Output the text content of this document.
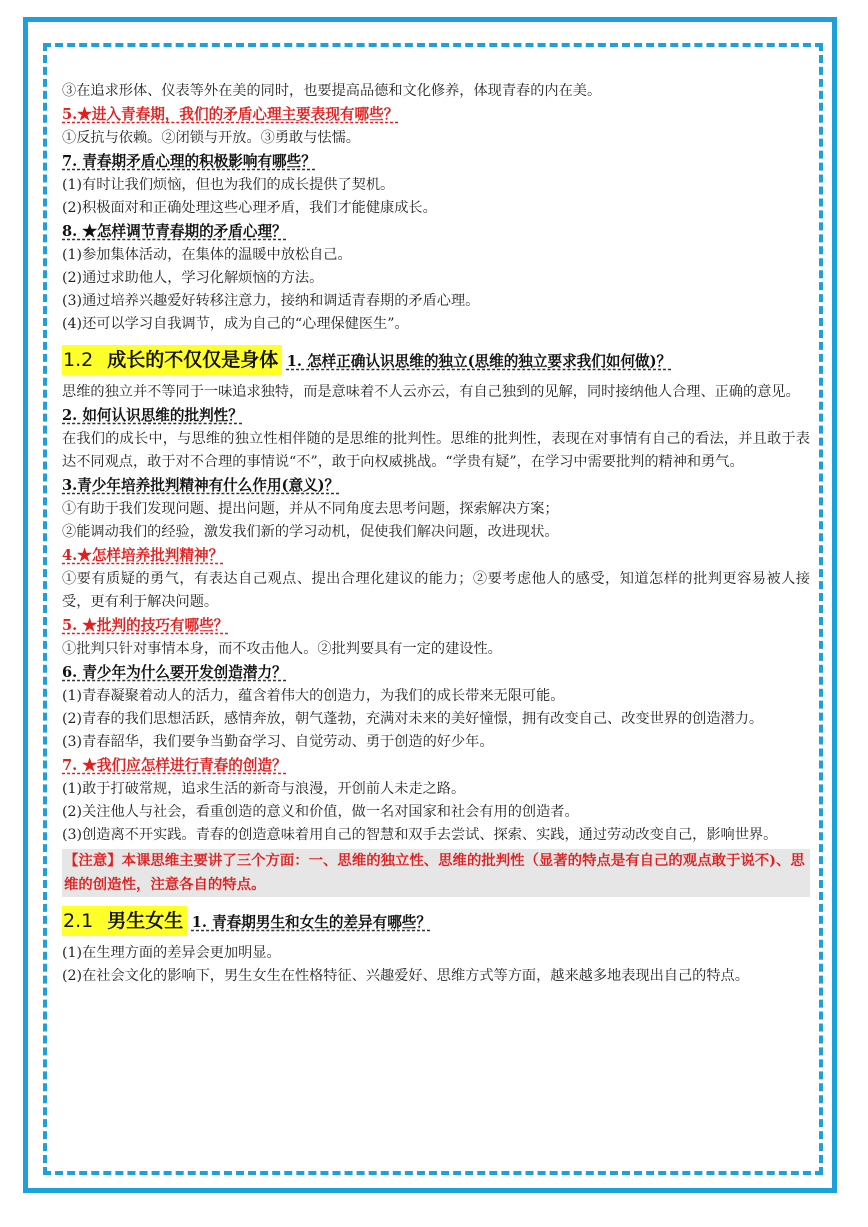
③在追求形体、仪表等外在美的同时，也要提高品德和文化修养，体现青春的内在美。
5.★进入青春期，我们的矛盾心理主要表现有哪些？
①反抗与依赖。②闭锁与开放。③勇敢与怯懦。
7. 青春期矛盾心理的积极影响有哪些？
(1)有时让我们烦恼，但也为我们的成长提供了契机。
(2)积极面对和正确处理这些心理矛盾，我们才能健康成长。
8. ★怎样调节青春期的矛盾心理？
(1)参加集体活动，在集体的温暖中放松自己。
(2)通过求助他人，学习化解烦恼的方法。
(3)通过培养兴趣爱好转移注意力，接纳和调适青春期的矛盾心理。
(4)还可以学习自我调节，成为自己的“心理保健医生”。
1.2 成长的不仅仅是身体 1. 怎样正确认识思维的独立(思维的独立要求我们如何做)？
思维的独立并不等同于一味追求独特，而是意味着不人云亦云，有自己独到的见解，同时接纳他人合理、正确的意见。
2. 如何认识思维的批判性？
在我们的成长中，与思维的独立性相伴随的是思维的批判性。思维的批判性，表现在对事情有自己的看法，并且敢于表达不同观点，敢于对不合理的事情说“不”，敢于向权威挑战。“学贵有疑”，在学习中需要批判的精神和勇气。
3.青少年培养批判精神有什么作用(意义)？
①有助于我们发现问题、提出问题，并从不同角度去思考问题，探索解决方案；
②能调动我们的经验，激发我们新的学习动机，促使我们解决问题，改进现状。
4.★怎样培养批判精神？
①要有质疑的勇气，有表达自己观点、提出合理化建议的能力；②要考虑他人的感受，知道怎样的批判更容易被人接受，更有利于解决问题。
5. ★批判的技巧有哪些？
①批判只针对事情本身，而不攻击他人。②批判要具有一定的建设性。
6. 青少年为什么要开发创造潜力？
(1)青春凝聚着动人的活力，蕴含着伟大的创造力，为我们的成长带来无限可能。
(2)青春的我们思想活跃，感情奔放，朝气蓬勃，充满对未来的美好憧憬，拥有改变自己、改变世界的创造潜力。
(3)青春韶华，我们要争当勤奋学习、自觉劳动、勇于创造的好少年。
7. ★我们应怎样进行青春的创造？
(1)敢于打破常规，追求生活的新奇与浪漫，开创前人未走之路。
(2)关注他人与社会，看重创造的意义和价值，做一名对国家和社会有用的创造者。
(3)创造离不开实践。青春的创造意味着用自己的智慧和双手去尝试、探索、实践，通过劳动改变自己，影响世界。
【注意】本课思维主要讲了三个方面：一、思维的独立性、思维的批判性（显著的特点是有自己的观点敢于说不)、思维的创造性，注意各自的特点。
2.1 男生女生 1. 青春期男生和女生的差异有哪些？
(1)在生理方面的差异会更加明显。
(2)在社会文化的影响下，男生女生在性格特征、兴趣爱好、思维方式等方面，越来越多地表现出自己的特点。
